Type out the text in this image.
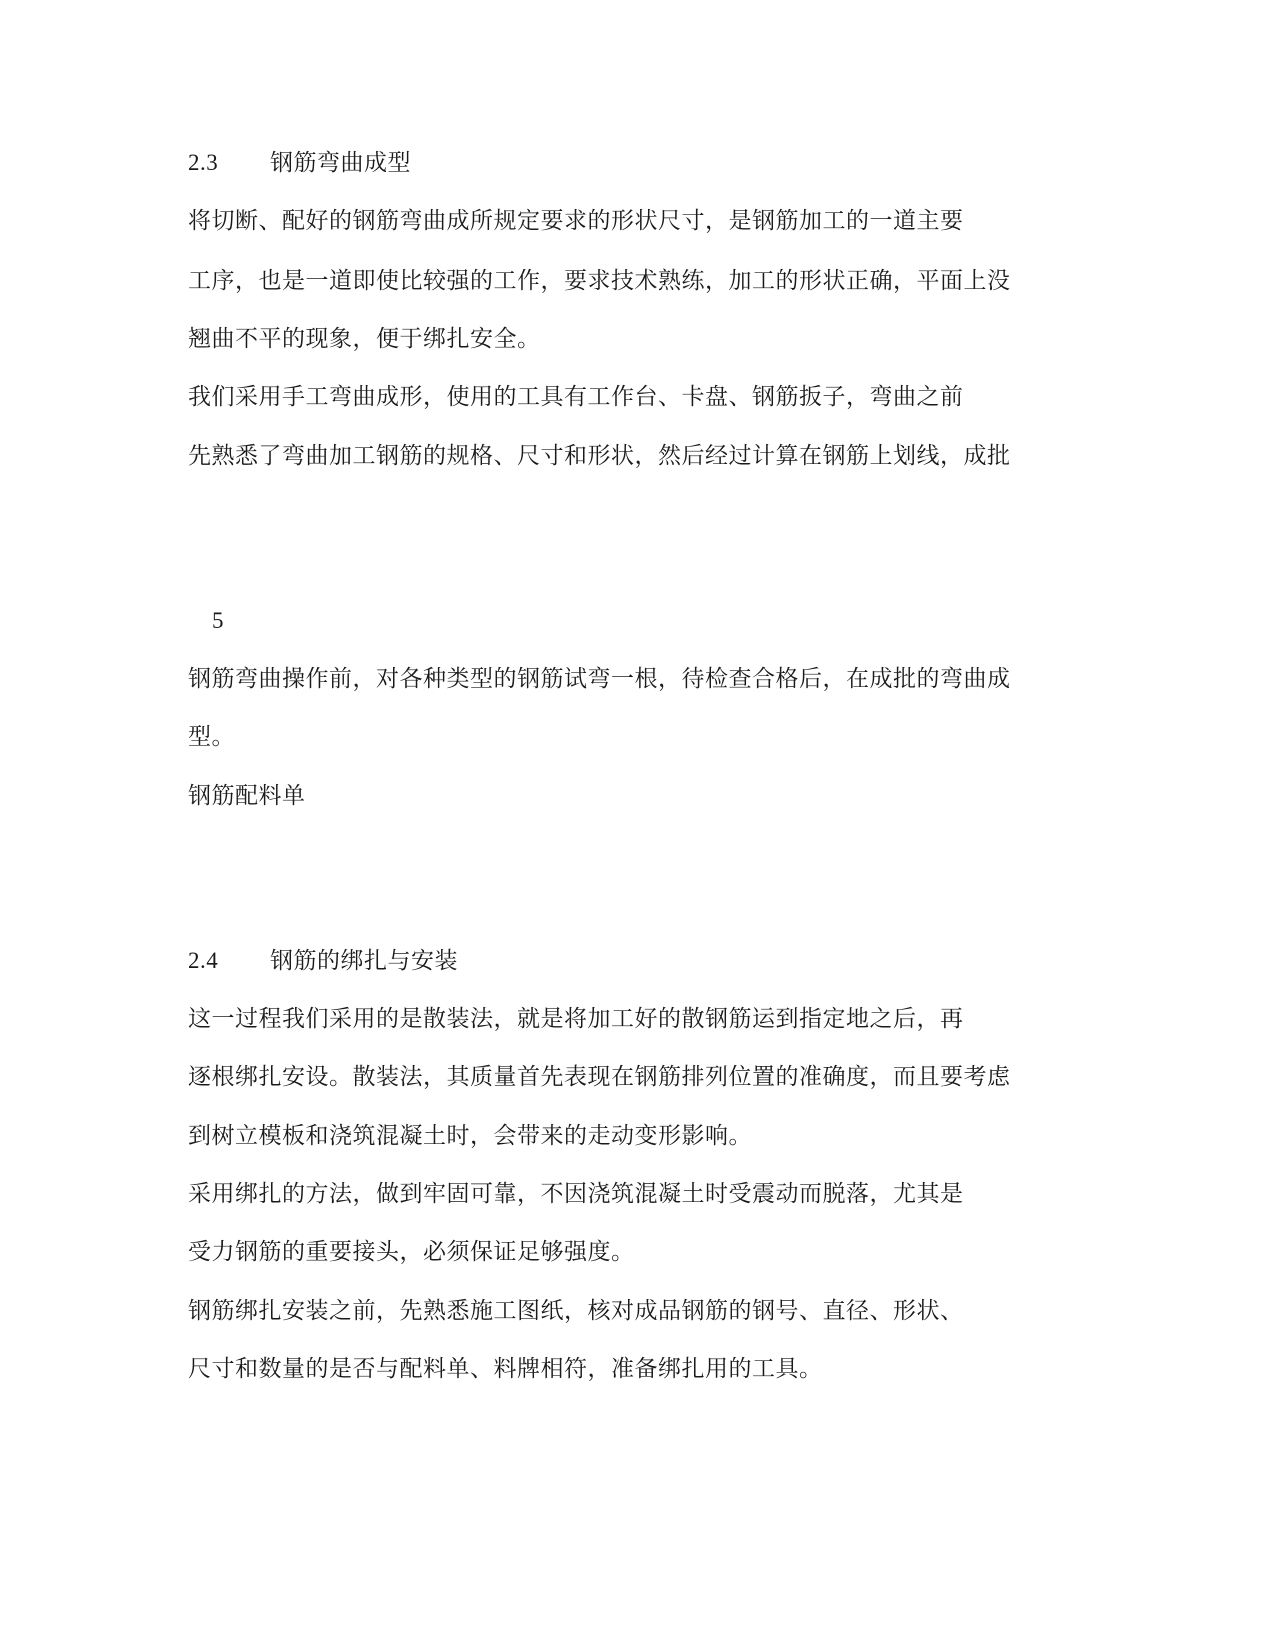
2.3 钢筋弯曲成型
将切断、配好的钢筋弯曲成所规定要求的形状尺寸，是钢筋加工的一道主要
工序，也是一道即使比较强的工作，要求技术熟练，加工的形状正确，平面上没
翘曲不平的现象，便于绑扎安全。
我们采用手工弯曲成形，使用的工具有工作台、卡盘、钢筋扳子，弯曲之前
先熟悉了弯曲加工钢筋的规格、尺寸和形状，然后经过计算在钢筋上划线，成批
5
钢筋弯曲操作前，对各种类型的钢筋试弯一根，待检查合格后，在成批的弯曲成
型。
钢筋配料单
2.4 钢筋的绑扎与安装
这一过程我们采用的是散装法，就是将加工好的散钢筋运到指定地之后，再
逐根绑扎安设。散装法，其质量首先表现在钢筋排列位置的准确度，而且要考虑
到树立模板和浇筑混凝土时，会带来的走动变形影响。
采用绑扎的方法，做到牢固可靠，不因浇筑混凝土时受震动而脱落，尤其是
受力钢筋的重要接头，必须保证足够强度。
钢筋绑扎安装之前，先熟悉施工图纸，核对成品钢筋的钢号、直径、形状、
尺寸和数量的是否与配料单、料牌相符，准备绑扎用的工具。
